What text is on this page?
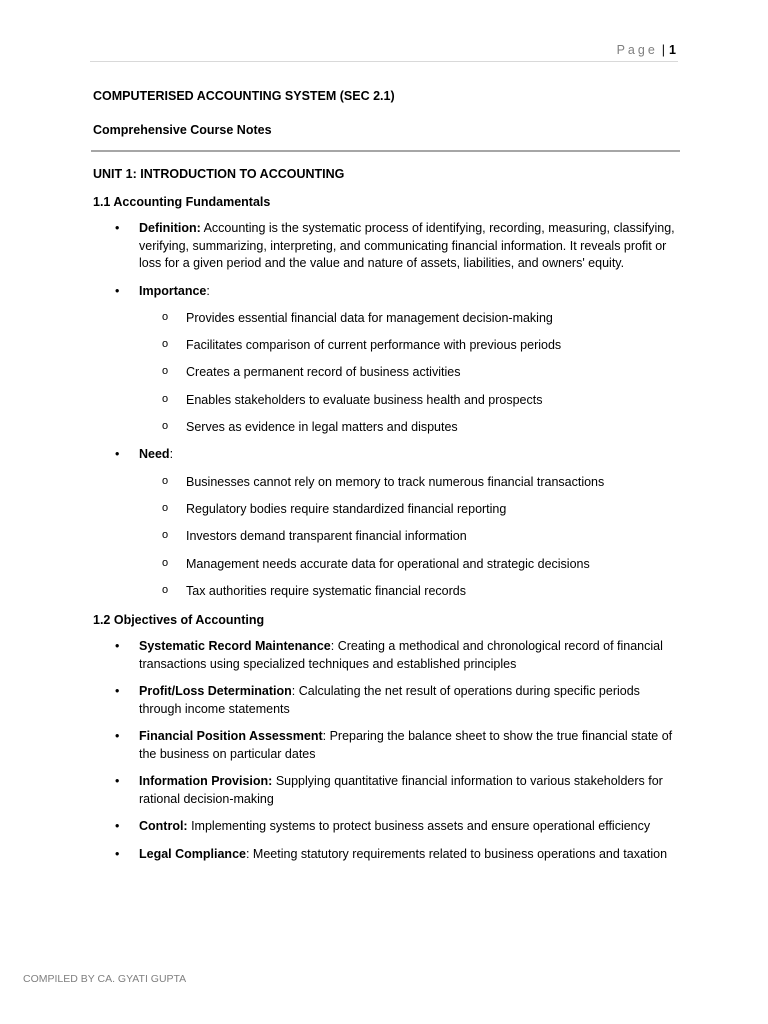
Page | 1

COMPUTERISED ACCOUNTING SYSTEM (SEC 2.1)

Comprehensive Course Notes

UNIT 1: INTRODUCTION TO ACCOUNTING

1.1 Accounting Fundamentals

• Definition: Accounting is the systematic process of identifying, recording, measuring, classifying, verifying, summarizing, interpreting, and communicating financial information. It reveals profit or loss for a given period and the value and nature of assets, liabilities, and owners' equity.
• Importance:
o Provides essential financial data for management decision-making
o Facilitates comparison of current performance with previous periods
o Creates a permanent record of business activities
o Enables stakeholders to evaluate business health and prospects
o Serves as evidence in legal matters and disputes
• Need:
o Businesses cannot rely on memory to track numerous financial transactions
o Regulatory bodies require standardized financial reporting
o Investors demand transparent financial information
o Management needs accurate data for operational and strategic decisions
o Tax authorities require systematic financial records

1.2 Objectives of Accounting

• Systematic Record Maintenance: Creating a methodical and chronological record of financial transactions using specialized techniques and established principles
• Profit/Loss Determination: Calculating the net result of operations during specific periods through income statements
• Financial Position Assessment: Preparing the balance sheet to show the true financial state of the business on particular dates
• Information Provision: Supplying quantitative financial information to various stakeholders for rational decision-making
• Control: Implementing systems to protect business assets and ensure operational efficiency
• Legal Compliance: Meeting statutory requirements related to business operations and taxation
COMPILED BY CA. GYATI GUPTA
